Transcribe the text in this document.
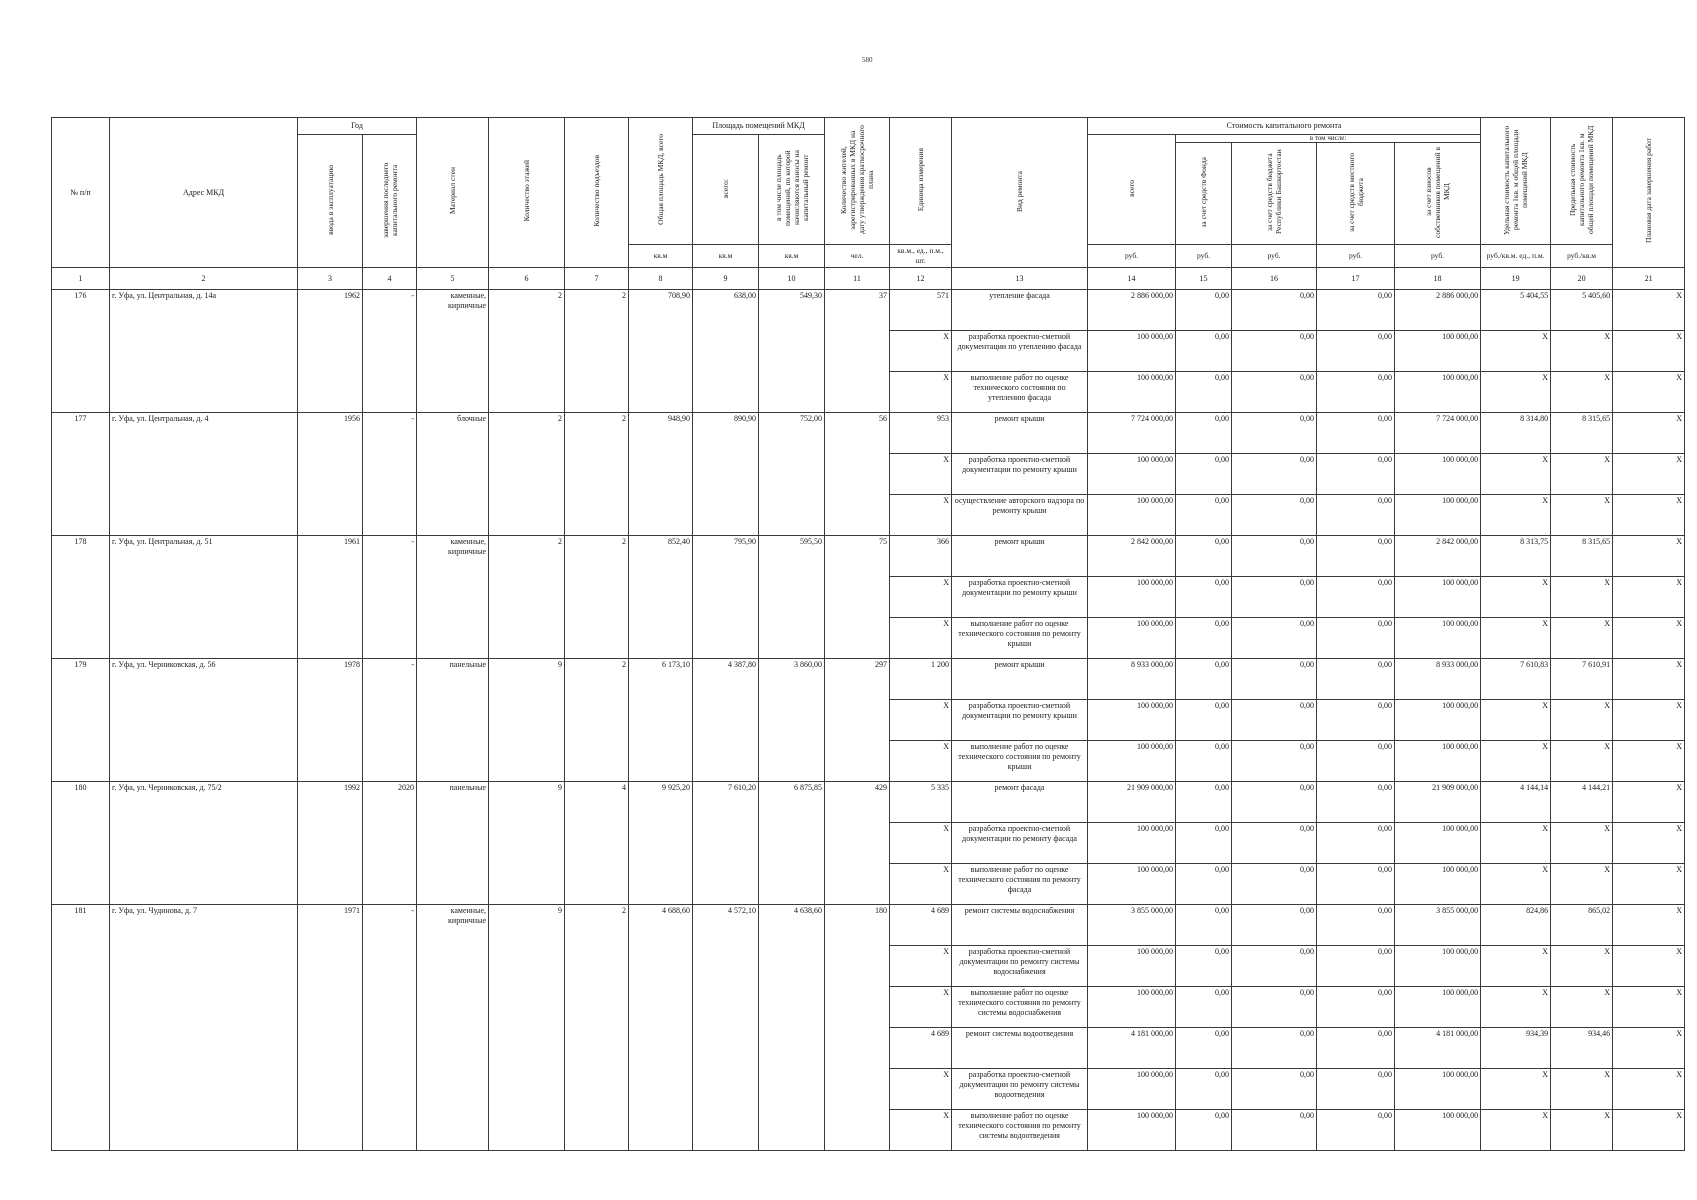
580
№ п/п	Адрес МКД	Год		Материал стен	Количество этажей	Количество подъездов	Общая площадь МКД, всего	Площадь помещений МКД		Количество жителей, зарегистрированных в МКД на дату утверждения краткосрочного плана	Единица измерения	Вид ремонта	Стоимость капитального ремонта					Удельная стоимость капитального ремонта 1кв. м общей площади помещений МКД	Предельная стоимость капитального ремонта 1кв. м общей площади помещений МКД	Плановая дата завершения работ
		ввода в эксплуатацию	завершения последнего капитального ремонта					всего:	в том числе площадь помещений, по которой начисляются взносы на капитальный ремонт				всего	в том числе:						
														за счет средств Фонда	за счет средств бюджета Республики Башкортостан	за счет средств местного бюджета	за счет взносов собственников помещений в МКД			
							кв.м	кв.м	кв.м	чел.	кв.м., ед., п.м., шт.		руб.	руб.	руб.	руб.	руб.	руб./кв.м. ед., п.м.	руб./кв.м	
1	2	3	4	5	6	7	8	9	10	11	12	13	14	15	16	17	18	19	20	21
176	г. Уфа, ул. Центральная, д. 14а	1962	-	каменные, кирпичные	2	2	708,90	638,00	549,30	37	571	утепление фасада	2 886 000,00	0,00	0,00	0,00	2 886 000,00	5 404,55	5 405,60	X
											X	разработка проектно-сметной документации по утеплению фасада	100 000,00	0,00	0,00	0,00	100 000,00	X	X	X
											X	выполнение работ по оценке технического состояния по утеплению фасада	100 000,00	0,00	0,00	0,00	100 000,00	X	X	X
177	г. Уфа, ул. Центральная, д. 4	1956	-	блочные	2	2	948,90	890,90	752,00	56	953	ремонт крыши	7 724 000,00	0,00	0,00	0,00	7 724 000,00	8 314,80	8 315,65	X
											X	разработка проектно-сметной документации по ремонту крыши	100 000,00	0,00	0,00	0,00	100 000,00	X	X	X
											X	осуществление авторского надзора по ремонту крыши	100 000,00	0,00	0,00	0,00	100 000,00	X	X	X
178	г. Уфа, ул. Центральная, д. 51	1961	-	каменные, кирпичные	2	2	852,40	795,90	595,50	75	366	ремонт крыши	2 842 000,00	0,00	0,00	0,00	2 842 000,00	8 313,75	8 315,65	X
											X	разработка проектно-сметной документации по ремонту крыши	100 000,00	0,00	0,00	0,00	100 000,00	X	X	X
											X	выполнение работ по оценке технического состояния по ремонту крыши	100 000,00	0,00	0,00	0,00	100 000,00	X	X	X
179	г. Уфа, ул. Черниковская, д. 56	1978	-	панельные	9	2	6 173,10	4 387,80	3 860,00	297	1 200	ремонт крыши	8 933 000,00	0,00	0,00	0,00	8 933 000,00	7 610,83	7 610,91	X
											X	разработка проектно-сметной документации по ремонту крыши	100 000,00	0,00	0,00	0,00	100 000,00	X	X	X
											X	выполнение работ по оценке технического состояния по ремонту крыши	100 000,00	0,00	0,00	0,00	100 000,00	X	X	X
180	г. Уфа, ул. Черниковская, д. 75/2	1992	2020	панельные	9	4	9 925,20	7 610,20	6 875,85	429	5 335	ремонт фасада	21 909 000,00	0,00	0,00	0,00	21 909 000,00	4 144,14	4 144,21	X
											X	разработка проектно-сметной документации по ремонту фасада	100 000,00	0,00	0,00	0,00	100 000,00	X	X	X
											X	выполнение работ по оценке технического состояния по ремонту фасада	100 000,00	0,00	0,00	0,00	100 000,00	X	X	X
181	г. Уфа, ул. Чудинова, д. 7	1971	-	каменные, кирпичные	9	2	4 688,60	4 572,10	4 638,60	180	4 689	ремонт системы водоснабжения	3 855 000,00	0,00	0,00	0,00	3 855 000,00	824,86	865,02	X
											X	разработка проектно-сметной документации по ремонту системы водоснабжения	100 000,00	0,00	0,00	0,00	100 000,00	X	X	X
											X	выполнение работ по оценке технического состояния по ремонту системы водоснабжения	100 000,00	0,00	0,00	0,00	100 000,00	X	X	X
											4 689	ремонт системы водоотведения	4 181 000,00	0,00	0,00	0,00	4 181 000,00	934,39	934,46	X
											X	разработка проектно-сметной документации по ремонту системы водоотведения	100 000,00	0,00	0,00	0,00	100 000,00	X	X	X
											X	выполнение работ по оценке технического состояния по ремонту системы водоотведения	100 000,00	0,00	0,00	0,00	100 000,00	X	X	X
